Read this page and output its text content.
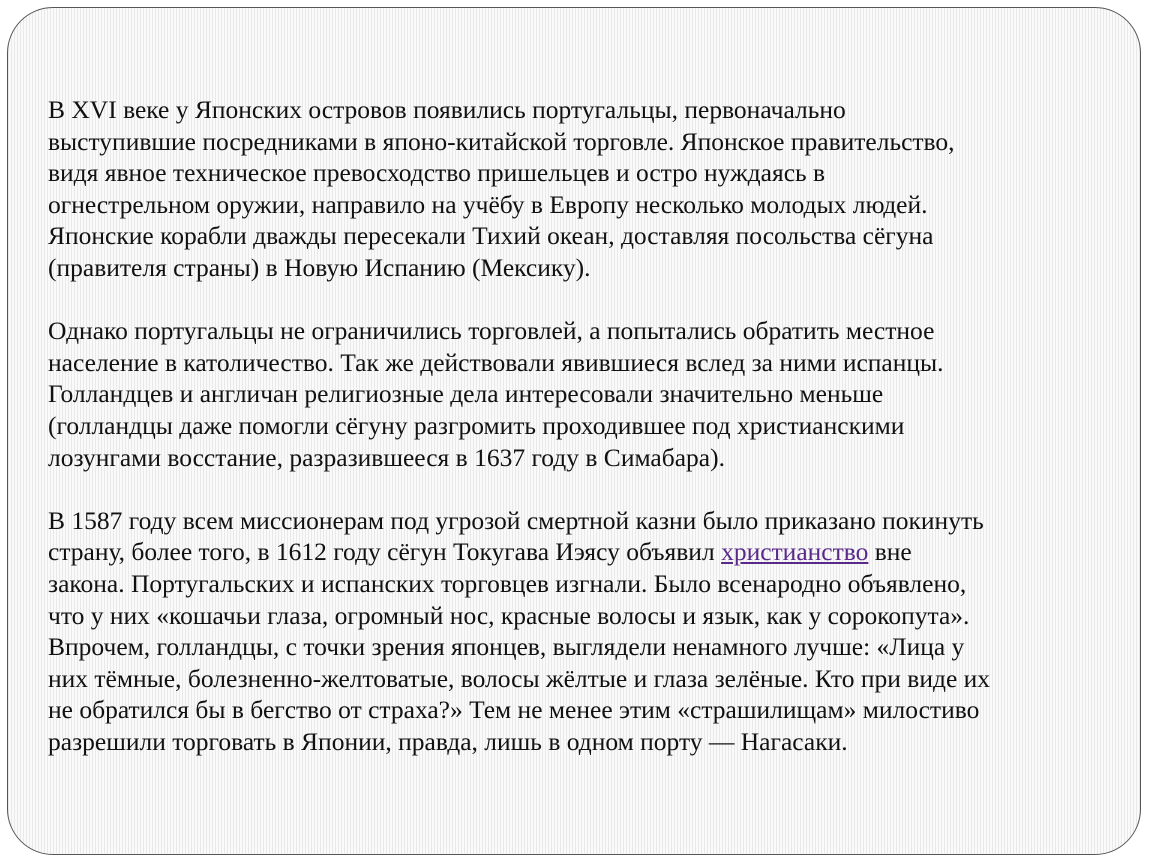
В XVI веке у Японских островов появились португальцы, первоначально
выступившие посредниками в японо-китайской торговле. Японское правительство,
видя явное техническое превосходство пришельцев и остро нуждаясь в
огнестрельном оружии, направило на учёбу в Европу несколько молодых людей.
Японские корабли дважды пересекали Тихий океан, доставляя посольства сёгуна
(правителя страны) в Новую Испанию (Мексику).

Однако португальцы не ограничились торговлей, а попытались обратить местное
население в католичество. Так же действовали явившиеся вслед за ними испанцы.
Голландцев и англичан религиозные дела интересовали значительно меньше
(голландцы даже помогли сёгуну разгромить проходившее под христианскими
лозунгами восстание, разразившееся в 1637 году в Симабара).

В 1587 году всем миссионерам под угрозой смертной казни было приказано покинуть
страну, более того, в 1612 году сёгун Токугава Иэясу объявил христианство вне
закона. Португальских и испанских торговцев изгнали. Было всенародно объявлено,
что у них «кошачьи глаза, огромный нос, красные волосы и язык, как у сорокопута».
Впрочем, голландцы, с точки зрения японцев, выглядели ненамного лучше: «Лица у
них тёмные, болезненно-желтоватые, волосы жёлтые и глаза зелёные. Кто при виде их
не обратился бы в бегство от страха?» Тем не менее этим «страшилищам» милостиво
разрешили торговать в Японии, правда, лишь в одном порту — Нагасаки.
